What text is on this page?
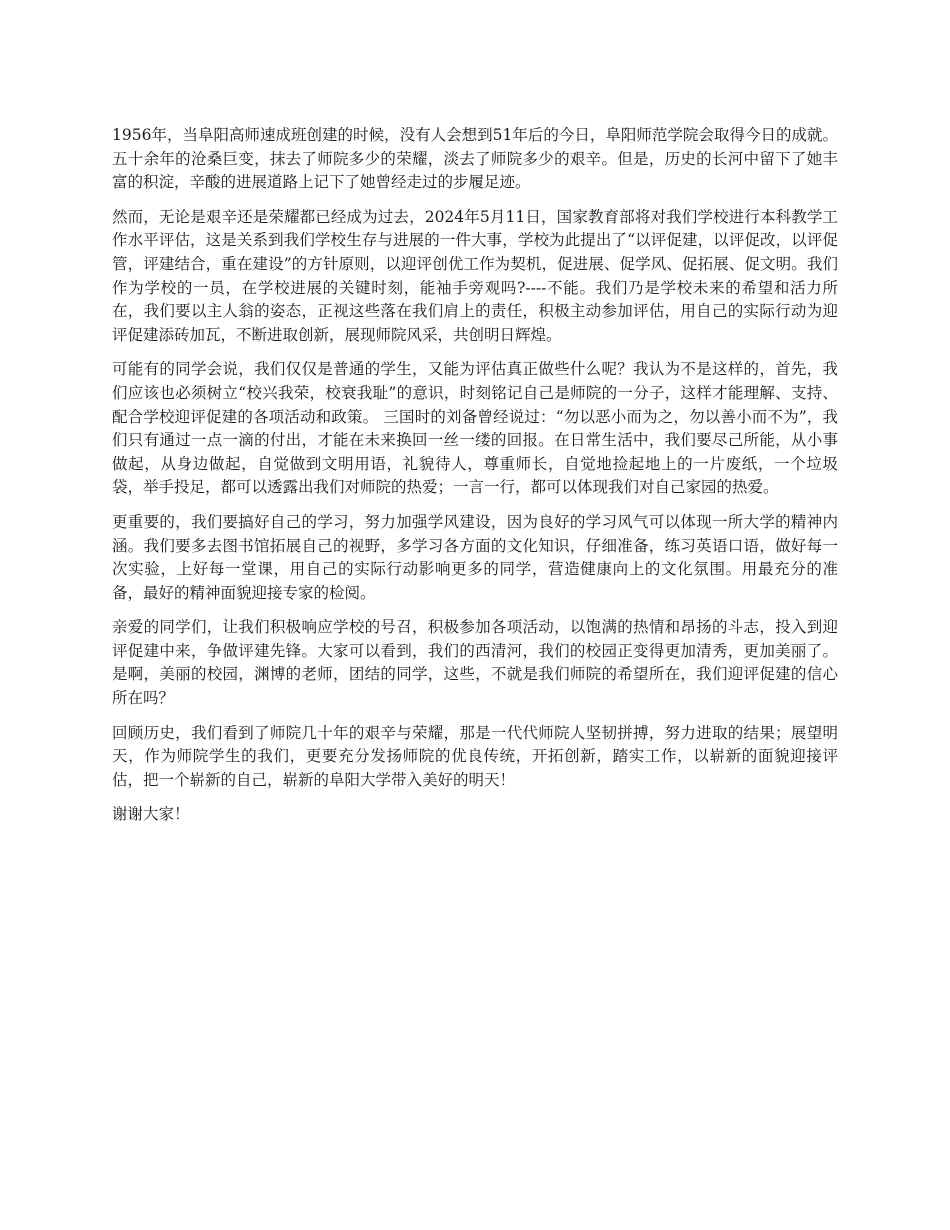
1956年，当阜阳高师速成班创建的时候，没有人会想到51年后的今日，阜阳师范学院会取得今日的成就。五十余年的沧桑巨变，抹去了师院多少的荣耀，淡去了师院多少的艰辛。但是，历史的长河中留下了她丰富的积淀，辛酸的进展道路上记下了她曾经走过的步履足迹。

然而，无论是艰辛还是荣耀都已经成为过去，2024年5月11日，国家教育部将对我们学校进行本科教学工作水平评估，这是关系到我们学校生存与进展的一件大事，学校为此提出了“以评促建，以评促改，以评促管，评建结合，重在建设”的方针原则，以迎评创优工作为契机，促进展、促学风、促拓展、促文明。我们作为学校的一员，在学校进展的关键时刻，能袖手旁观吗?----不能。我们乃是学校未来的希望和活力所在，我们要以主人翁的姿态，正视这些落在我们肩上的责任，积极主动参加评估，用自己的实际行动为迎评促建添砖加瓦，不断进取创新，展现师院风采，共创明日辉煌。

可能有的同学会说，我们仅仅是普通的学生，又能为评估真正做些什么呢？我认为不是这样的，首先，我们应该也必须树立“校兴我荣，校衰我耻”的意识，时刻铭记自己是师院的一分子，这样才能理解、支持、配合学校迎评促建的各项活动和政策。 三国时的刘备曾经说过：“勿以恶小而为之，勿以善小而不为”，我们只有通过一点一滴的付出，才能在未来换回一丝一缕的回报。在日常生活中，我们要尽己所能，从小事做起，从身边做起，自觉做到文明用语，礼貌待人，尊重师长，自觉地捡起地上的一片废纸，一个垃圾袋，举手投足，都可以透露出我们对师院的热爱；一言一行，都可以体现我们对自己家园的热爱。

更重要的，我们要搞好自己的学习，努力加强学风建设，因为良好的学习风气可以体现一所大学的精神内涵。我们要多去图书馆拓展自己的视野，多学习各方面的文化知识，仔细准备，练习英语口语，做好每一次实验，上好每一堂课，用自己的实际行动影响更多的同学，营造健康向上的文化氛围。用最充分的准备，最好的精神面貌迎接专家的检阅。

亲爱的同学们，让我们积极响应学校的号召，积极参加各项活动，以饱满的热情和昂扬的斗志，投入到迎评促建中来，争做评建先锋。大家可以看到，我们的西清河，我们的校园正变得更加清秀，更加美丽了。是啊，美丽的校园，渊博的老师，团结的同学，这些，不就是我们师院的希望所在，我们迎评促建的信心所在吗？

回顾历史，我们看到了师院几十年的艰辛与荣耀，那是一代代师院人坚韧拼搏，努力进取的结果；展望明天，作为师院学生的我们，更要充分发扬师院的优良传统，开拓创新，踏实工作，以崭新的面貌迎接评估，把一个崭新的自己，崭新的阜阳大学带入美好的明天！

谢谢大家！
